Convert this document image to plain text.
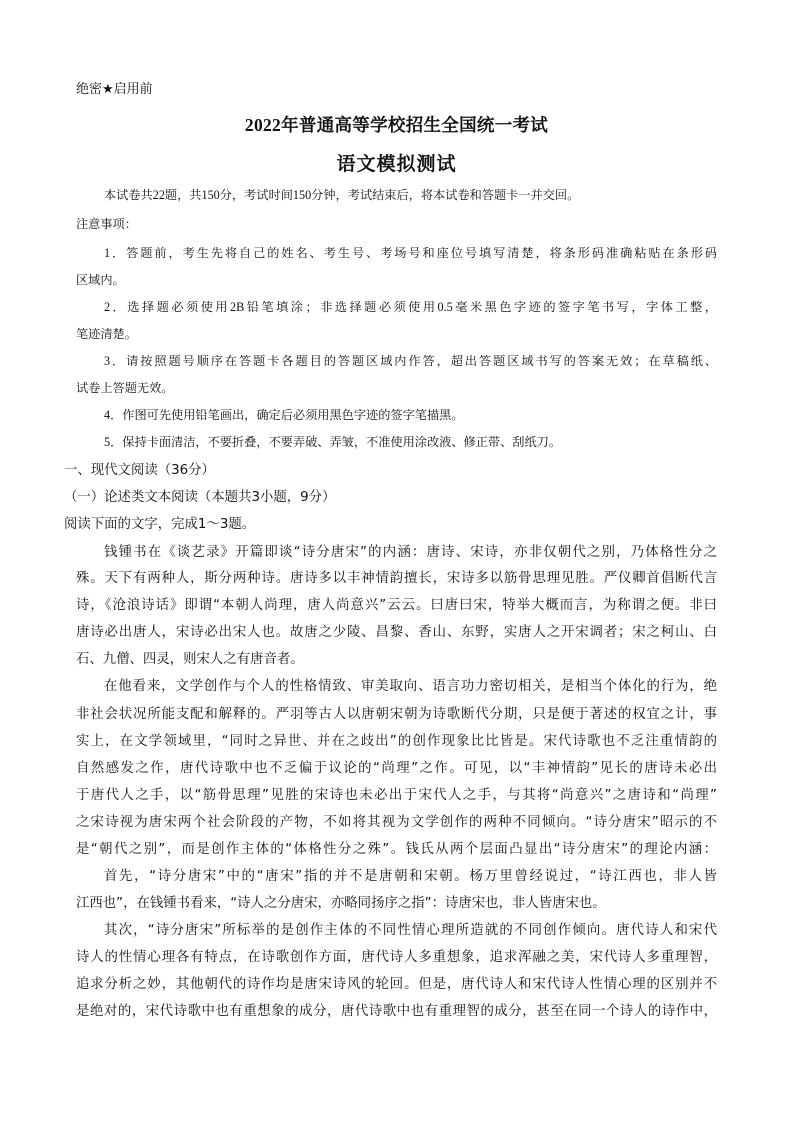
绝密★启用前
2022年普通高等学校招生全国统一考试
语文模拟测试
本试卷共22题，共150分，考试时间150分钟，考试结束后，将本试卷和答题卡一并交回。
注意事项：
1．答题前，考生先将自己的姓名、考生号、考场号和座位号填写清楚，将条形码准确粘贴在条形码
区域内。
2．选择题必须使用2B铅笔填涂；非选择题必须使用0.5毫米黑色字迹的签字笔书写，字体工整，
笔迹清楚。
3．请按照题号顺序在答题卡各题目的答题区域内作答，超出答题区域书写的答案无效；在草稿纸、
试卷上答题无效。
4．作图可先使用铅笔画出，确定后必须用黑色字迹的签字笔描黑。
5．保持卡面清洁，不要折叠，不要弄破、弄皱，不准使用涂改液、修正带、刮纸刀。
一、现代文阅读（36分）
（一）论述类文本阅读（本题共3小题，9分）
阅读下面的文字，完成1～3题。
钱锺书在《谈艺录》开篇即谈“诗分唐宋”的内涵：唐诗、宋诗，亦非仅朝代之别，乃体格性分之
殊。天下有两种人，斯分两种诗。唐诗多以丰神情韵擅长，宋诗多以筋骨思理见胜。严仪卿首倡断代言
诗，《沧浪诗话》即谓“本朝人尚理，唐人尚意兴”云云。曰唐曰宋，特举大概而言，为称谓之便。非曰
唐诗必出唐人，宋诗必出宋人也。故唐之少陵、昌黎、香山、东野，实唐人之开宋调者；宋之柯山、白
石、九僧、四灵，则宋人之有唐音者。
在他看来，文学创作与个人的性格情致、审美取向、语言功力密切相关，是相当个体化的行为，绝
非社会状况所能支配和解释的。严羽等古人以唐朝宋朝为诗歌断代分期，只是便于著述的权宜之计，事
实上，在文学领域里，“同时之异世、并在之歧出”的创作现象比比皆是。宋代诗歌也不乏注重情韵的
自然感发之作，唐代诗歌中也不乏偏于议论的“尚理”之作。可见，以“丰神情韵”见长的唐诗未必出
于唐代人之手，以“筋骨思理”见胜的宋诗也未必出于宋代人之手，与其将“尚意兴”之唐诗和“尚理”
之宋诗视为唐宋两个社会阶段的产物，不如将其视为文学创作的两种不同倾向。“诗分唐宋”昭示的不
是“朝代之别”，而是创作主体的“体格性分之殊”。钱氏从两个层面凸显出“诗分唐宋”的理论内涵：
首先，“诗分唐宋”中的“唐宋”指的并不是唐朝和宋朝。杨万里曾经说过，“诗江西也，非人皆
江西也”，在钱锺书看来，“诗人之分唐宋，亦略同扬序之指”：诗唐宋也，非人皆唐宋也。
其次，“诗分唐宋”所标举的是创作主体的不同性情心理所造就的不同创作倾向。唐代诗人和宋代
诗人的性情心理各有特点，在诗歌创作方面，唐代诗人多重想象，追求浑融之美，宋代诗人多重理智，
追求分析之妙，其他朝代的诗作均是唐宋诗风的轮回。但是，唐代诗人和宋代诗人性情心理的区别并不
是绝对的，宋代诗歌中也有重想象的成分，唐代诗歌中也有重理智的成分，甚至在同一个诗人的诗作中，
